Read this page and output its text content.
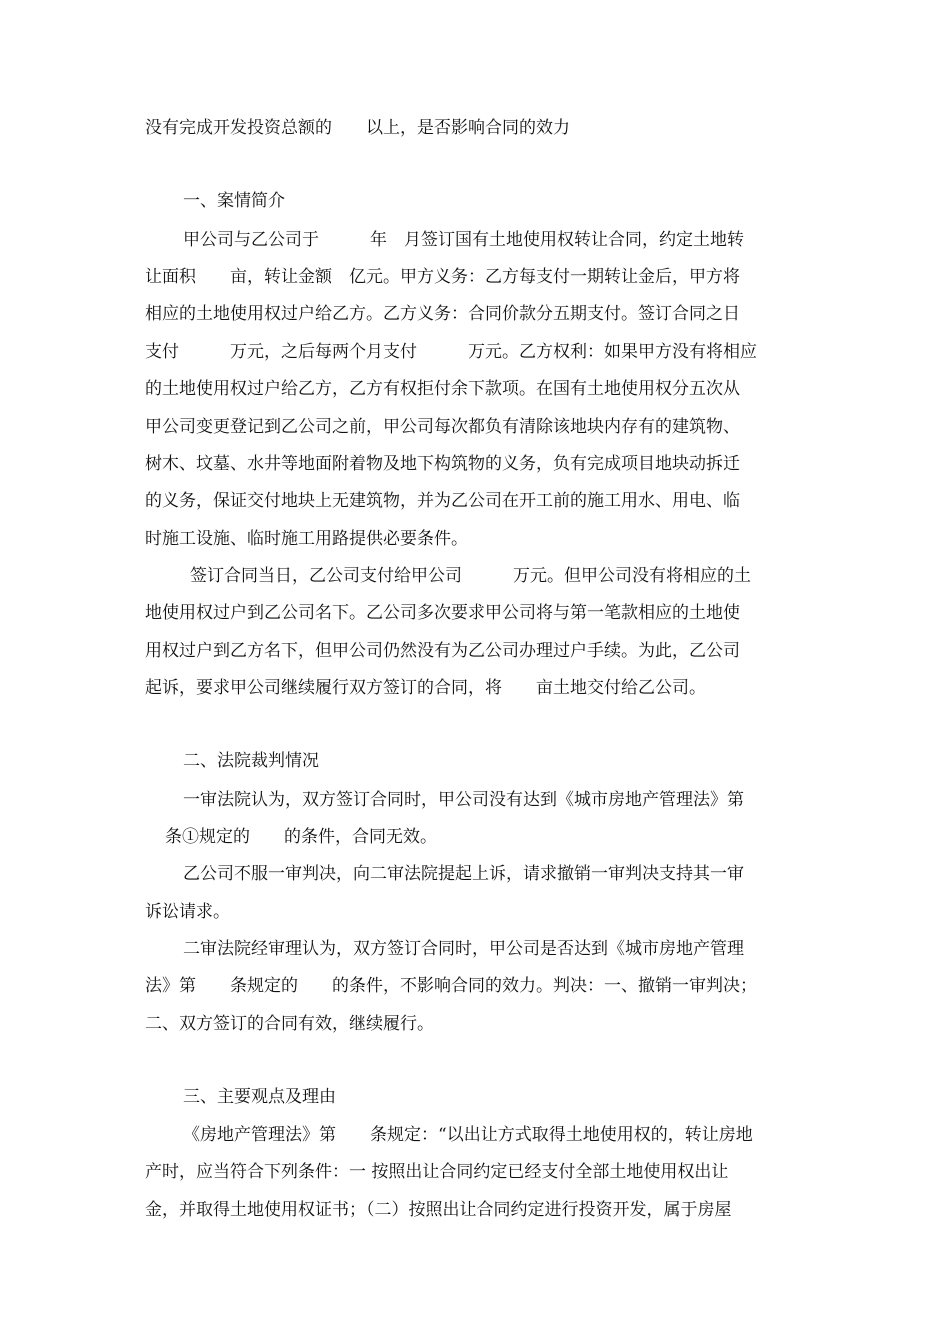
没有完成开发投资总额的　　以上，是否影响合同的效力
一、案情简介
甲公司与乙公司于　　　年　月签订国有土地使用权转让合同，约定土地转
让面积　　亩，转让金额　亿元。甲方义务：乙方每支付一期转让金后，甲方将
相应的土地使用权过户给乙方。乙方义务：合同价款分五期支付。签订合同之日
支付　　　万元，之后每两个月支付　　　万元。乙方权利：如果甲方没有将相应
的土地使用权过户给乙方，乙方有权拒付余下款项。在国有土地使用权分五次从
甲公司变更登记到乙公司之前，甲公司每次都负有清除该地块内存有的建筑物、
树木、坟墓、水井等地面附着物及地下构筑物的义务，负有完成项目地块动拆迁
的义务，保证交付地块上无建筑物，并为乙公司在开工前的施工用水、用电、临
时施工设施、临时施工用路提供必要条件。
签订合同当日，乙公司支付给甲公司　　　万元。但甲公司没有将相应的土
地使用权过户到乙公司名下。乙公司多次要求甲公司将与第一笔款相应的土地使
用权过户到乙方名下，但甲公司仍然没有为乙公司办理过户手续。为此，乙公司
起诉，要求甲公司继续履行双方签订的合同，将　　亩土地交付给乙公司。
二、法院裁判情况
一审法院认为，双方签订合同时，甲公司没有达到《城市房地产管理法》第
条①规定的　　的条件，合同无效。
乙公司不服一审判决，向二审法院提起上诉，请求撤销一审判决支持其一审
诉讼请求。
二审法院经审理认为，双方签订合同时，甲公司是否达到《城市房地产管理
法》第　　条规定的　　的条件，不影响合同的效力。判决：一、撤销一审判决；
二、双方签订的合同有效，继续履行。
三、主要观点及理由
《房地产管理法》第　　条规定：“以出让方式取得土地使用权的，转让房地
产时，应当符合下列条件：一 按照出让合同约定已经支付全部土地使用权出让
金，并取得土地使用权证书；（二）按照出让合同约定进行投资开发，属于房屋
